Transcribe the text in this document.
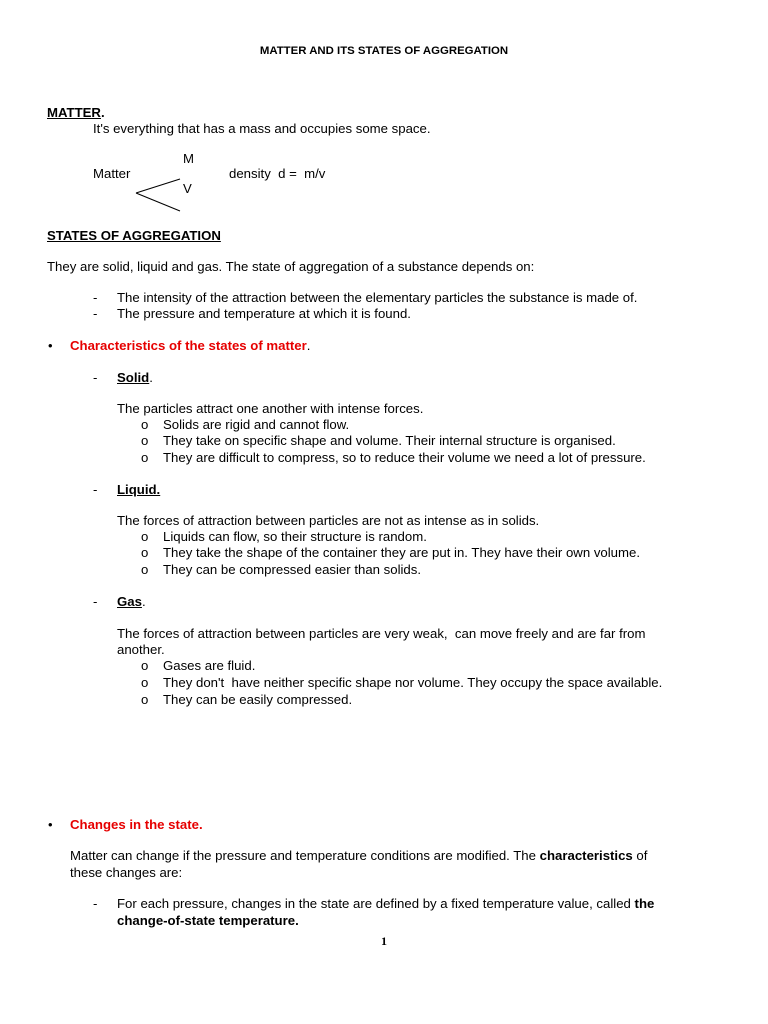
MATTER AND ITS STATES OF AGGREGATION
MATTER.
It's everything that has a mass and occupies some space.
M
Matter	density  d =  m/v
V
STATES OF AGGREGATION
They are solid, liquid and gas. The state of aggregation of a substance depends on:
- The intensity of the attraction between the elementary particles the substance is made of.
- The pressure and temperature at which it is found.
• Characteristics of the states of matter.
- Solid.
The particles attract one another with intense forces.
o Solids are rigid and cannot flow.
o They take on specific shape and volume. Their internal structure is organised.
o They are difficult to compress, so to reduce their volume we need a lot of pressure.
- Liquid.
The forces of attraction between particles are not as intense as in solids.
o Liquids can flow, so their structure is random.
o They take the shape of the container they are put in. They have their own volume.
o They can be compressed easier than solids.
- Gas.
The forces of attraction between particles are very weak,  can move freely and are far from
another.
o Gases are fluid.
o They don't  have neither specific shape nor volume. They occupy the space available.
o They can be easily compressed.
• Changes in the state.
Matter can change if the pressure and temperature conditions are modified. The characteristics of
these changes are:
- For each pressure, changes in the state are defined by a fixed temperature value, called the
change-of-state temperature.
1
